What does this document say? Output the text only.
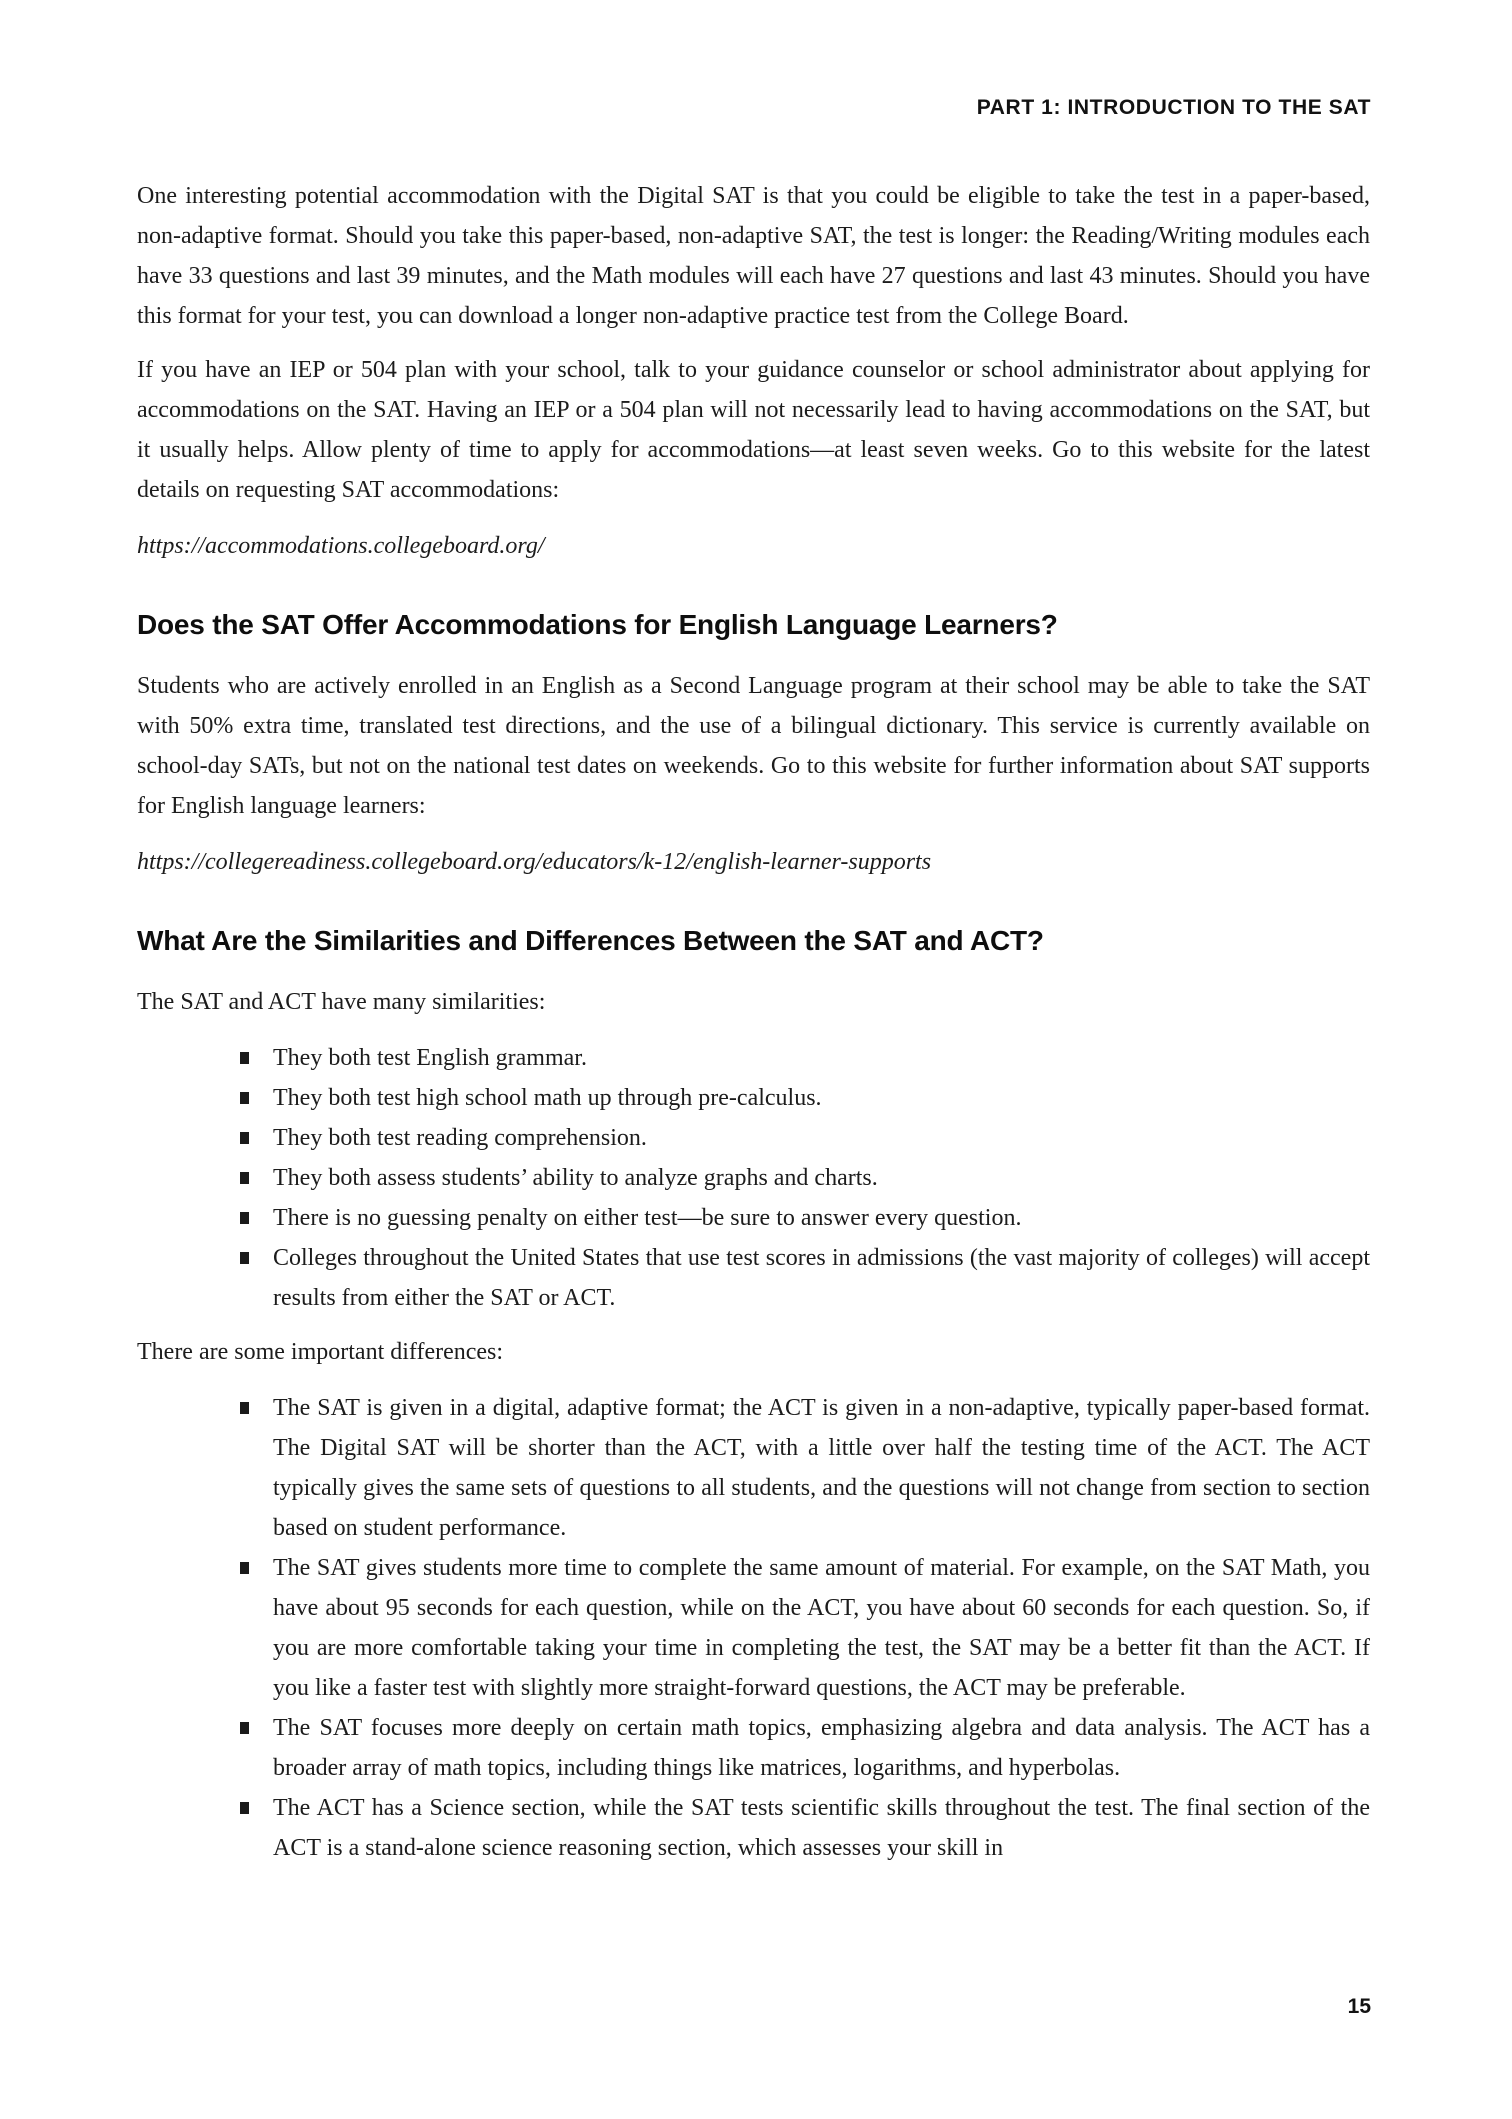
PART 1: INTRODUCTION TO THE SAT

One interesting potential accommodation with the Digital SAT is that you could be eligible to take the test in a paper-based, non-adaptive format. Should you take this paper-based, non-adaptive SAT, the test is longer: the Reading/Writing modules each have 33 questions and last 39 minutes, and the Math modules will each have 27 questions and last 43 minutes. Should you have this format for your test, you can download a longer non-adaptive practice test from the College Board.

If you have an IEP or 504 plan with your school, talk to your guidance counselor or school administrator about applying for accommodations on the SAT. Having an IEP or a 504 plan will not necessarily lead to having accommodations on the SAT, but it usually helps. Allow plenty of time to apply for accommodations—at least seven weeks. Go to this website for the latest details on requesting SAT accommodations:

https://accommodations.collegeboard.org/

Does the SAT Offer Accommodations for English Language Learners?

Students who are actively enrolled in an English as a Second Language program at their school may be able to take the SAT with 50% extra time, translated test directions, and the use of a bilingual dictionary. This service is currently available on school-day SATs, but not on the national test dates on weekends. Go to this website for further information about SAT supports for English language learners:

https://collegereadiness.collegeboard.org/educators/k-12/english-learner-supports

What Are the Similarities and Differences Between the SAT and ACT?

The SAT and ACT have many similarities:

They both test English grammar.
They both test high school math up through pre-calculus.
They both test reading comprehension.
They both assess students’ ability to analyze graphs and charts.
There is no guessing penalty on either test—be sure to answer every question.
Colleges throughout the United States that use test scores in admissions (the vast majority of colleges) will accept results from either the SAT or ACT.

There are some important differences:

The SAT is given in a digital, adaptive format; the ACT is given in a non-adaptive, typically paper-based format. The Digital SAT will be shorter than the ACT, with a little over half the testing time of the ACT. The ACT typically gives the same sets of questions to all students, and the questions will not change from section to section based on student performance.
The SAT gives students more time to complete the same amount of material. For example, on the SAT Math, you have about 95 seconds for each question, while on the ACT, you have about 60 seconds for each question. So, if you are more comfortable taking your time in completing the test, the SAT may be a better fit than the ACT. If you like a faster test with slightly more straight-forward questions, the ACT may be preferable.
The SAT focuses more deeply on certain math topics, emphasizing algebra and data analysis. The ACT has a broader array of math topics, including things like matrices, logarithms, and hyperbolas.
The ACT has a Science section, while the SAT tests scientific skills throughout the test. The final section of the ACT is a stand-alone science reasoning section, which assesses your skill in
15
